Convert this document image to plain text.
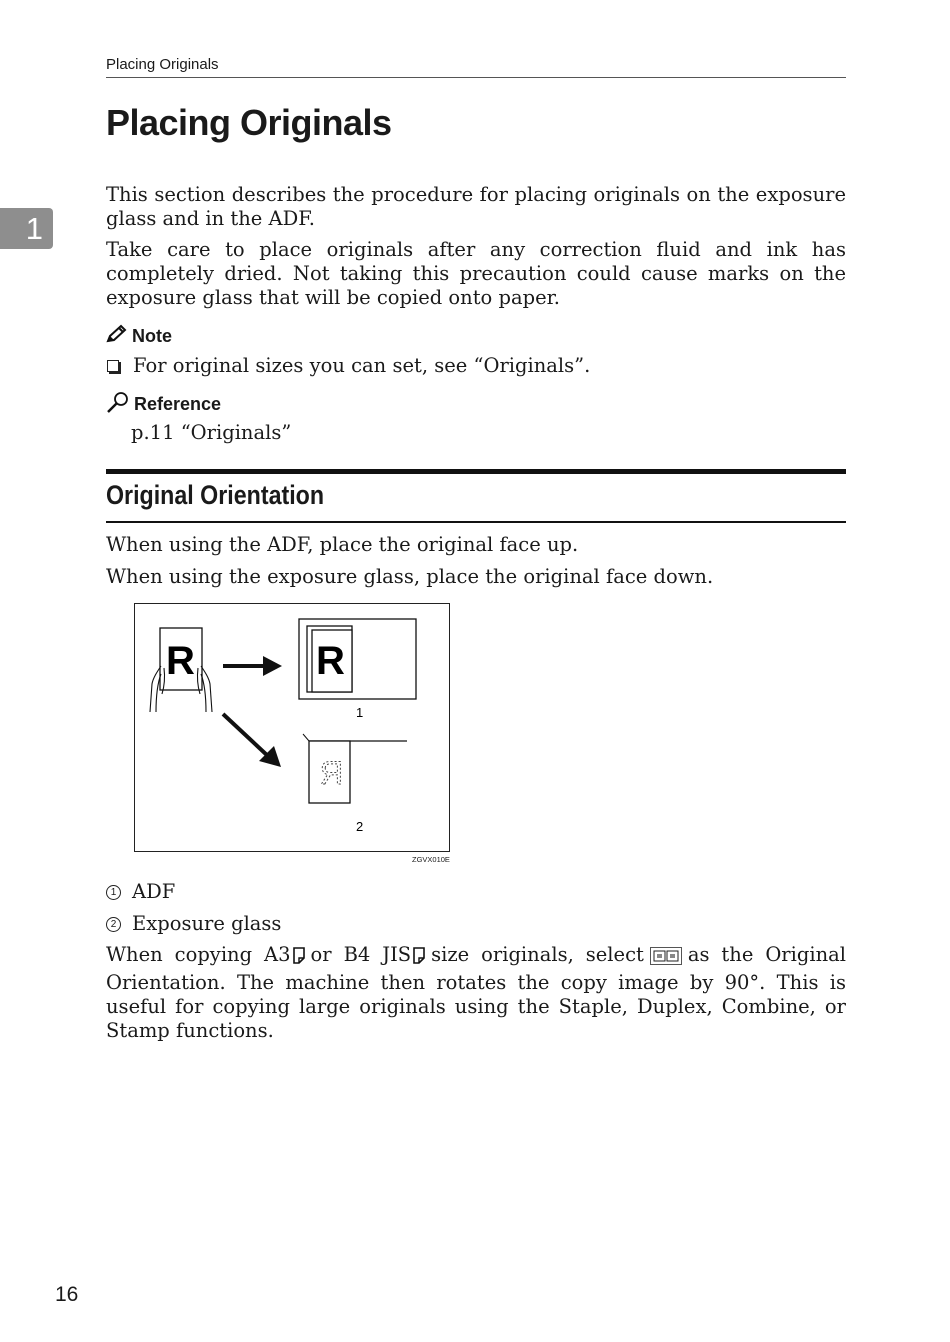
Placing Originals
1
Placing Originals

This section describes the procedure for placing originals on the exposure glass and in the ADF.

Take care to place originals after any correction fluid and ink has completely dried. Not taking this precaution could cause marks on the exposure glass that will be copied onto paper.

Note
For original sizes you can set, see “Originals”.
Reference
p.11 “Originals”
Original Orientation

When using the ADF, place the original face up.

When using the exposure glass, place the original face down.

R	R
1
R
2
ZGVX010E
1 ADF
2 Exposure glass

When copying A3 or B4 JIS size originals, select as the Original Orientation. The machine then rotates the copy image by 90°. This is useful for copying large originals using the Staple, Duplex, Combine, or Stamp functions.

16
